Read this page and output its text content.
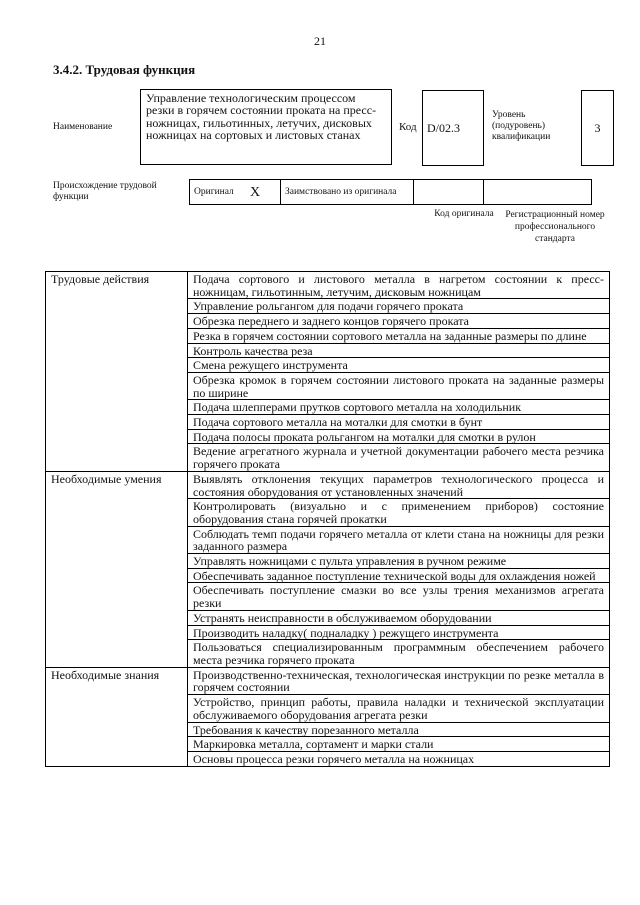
21
3.4.2. Трудовая функция
Наименование
Управление технологическим процессом резки в горячем состоянии проката на пресс-ножницах, гильотинных, летучих, дисковых ножницах на сортовых и листовых станах
Код D/02.3
Уровень (подуровень) квалификации
3
Происхождение трудовой функции
Оригинал	X	Заимствовано из оригинала		
Код оригинала	Регистрационный номер профессионального стандарта
Трудовые действия	Подача сортового и листового металла в нагретом состоянии к пресс-ножницам, гильотинным, летучим, дисковым ножницам
	Управление рольгангом для подачи горячего проката
	Обрезка переднего и заднего концов горячего проката
	Резка в горячем состоянии сортового металла на заданные размеры по длине
	Контроль качества реза
	Смена режущего инструмента
	Обрезка кромок в горячем состоянии листового проката на заданные размеры по ширине
	Подача шлепперами прутков сортового металла на холодильник
	Подача сортового металла на моталки для смотки в бунт
	Подача полосы проката рольгангом на моталки для смотки в рулон
	Ведение агрегатного журнала и учетной документации рабочего места резчика горячего проката
Необходимые умения	Выявлять отклонения текущих параметров технологического процесса и состояния оборудования от установленных значений
	Контролировать (визуально и с применением приборов) состояние оборудования стана горячей прокатки
	Соблюдать темп подачи горячего металла от клети стана на ножницы для резки заданного размера
	Управлять ножницами с пульта управления в ручном режиме
	Обеспечивать заданное поступление технической воды для охлаждения ножей
	Обеспечивать поступление смазки во все узлы трения механизмов агрегата резки
	Устранять неисправности в обслуживаемом оборудовании
	Производить наладку( подналадку ) режущего инструмента
	Пользоваться специализированным программным обеспечением рабочего места резчика горячего проката
Необходимые знания	Производственно-техническая, технологическая инструкции по резке металла в горячем состоянии
	Устройство, принцип работы, правила наладки и технической эксплуатации обслуживаемого оборудования агрегата резки
	Требования к качеству порезанного металла
	Маркировка металла, сортамент и марки стали
	Основы процесса резки горячего металла на ножницах
